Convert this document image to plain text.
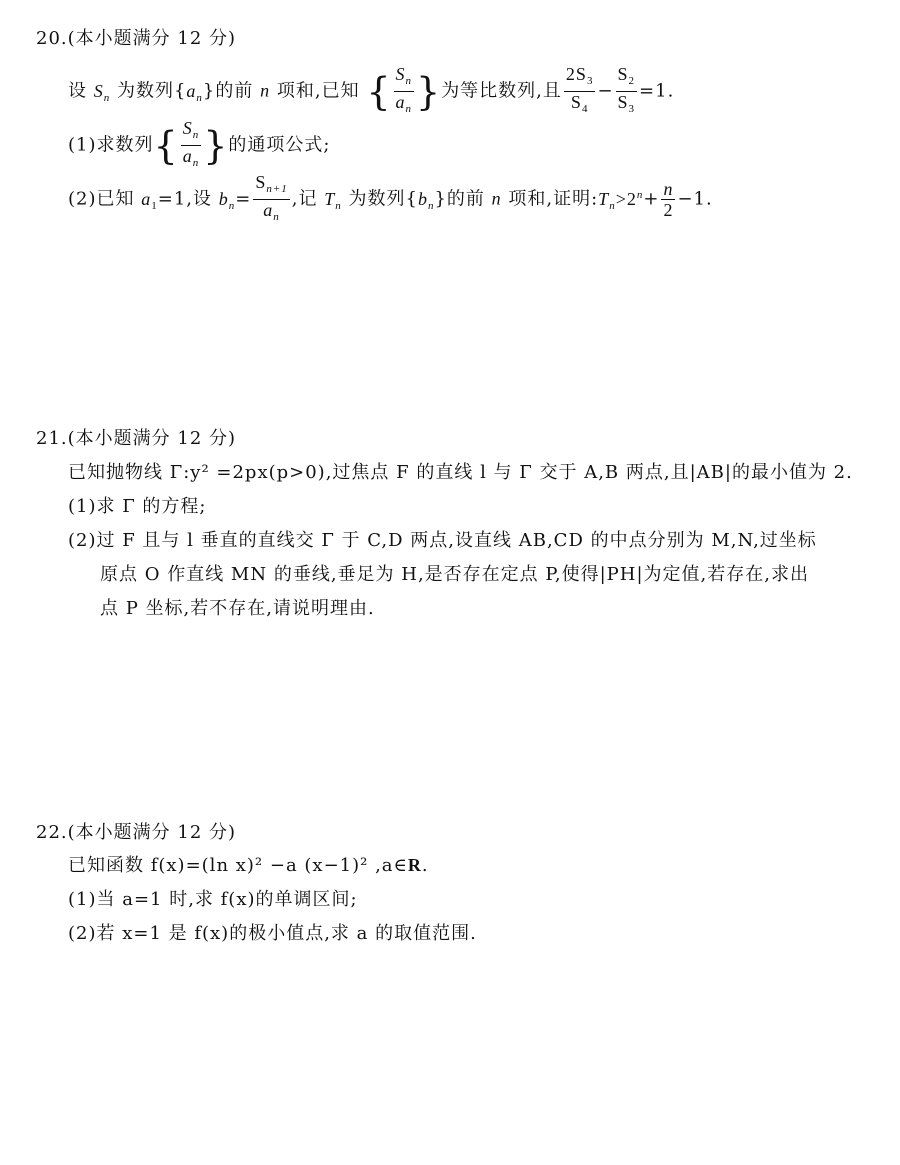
20.(本小题满分 12 分)
设 $S_n$ 为数列$\{a_n\}$的前 n 项和,已知 { $\frac{S_n}{a_n}$ }为等比数列,且 $\frac{2S_3}{S_4} - \frac{S_2}{S_3} =1$.
(1)求数列{ $\frac{S_n}{a_n}$ }的通项公式;
(2)已知 $a_1=1$,设 $b_n= \frac{S_{n+1}}{a_n}$ ,记 $T_n$ 为数列$\{b_n\}$的前 n 项和,证明$:T_n>2^n+ \frac{n}{2} -1$.
21.(本小题满分 12 分)
已知抛物线 Γ:y² =2px(p>0),过焦点 F 的直线 l 与 Γ 交于 A,B 两点,且|AB|的最小值为 2.
(1)求 Γ 的方程;
(2)过 F 且与 l 垂直的直线交 Γ 于 C,D 两点,设直线 AB,CD 的中点分别为 M,N,过坐标
原点 O 作直线 MN 的垂线,垂足为 H,是否存在定点 P,使得|PH|为定值,若存在,求出
点 P 坐标,若不存在,请说明理由.
22.(本小题满分 12 分)
已知函数 f(x)=(ln x)² −a (x−1)² ,a∈R.
(1)当 a=1 时,求 f(x)的单调区间;
(2)若 x=1 是 f(x)的极小值点,求 a 的取值范围.
